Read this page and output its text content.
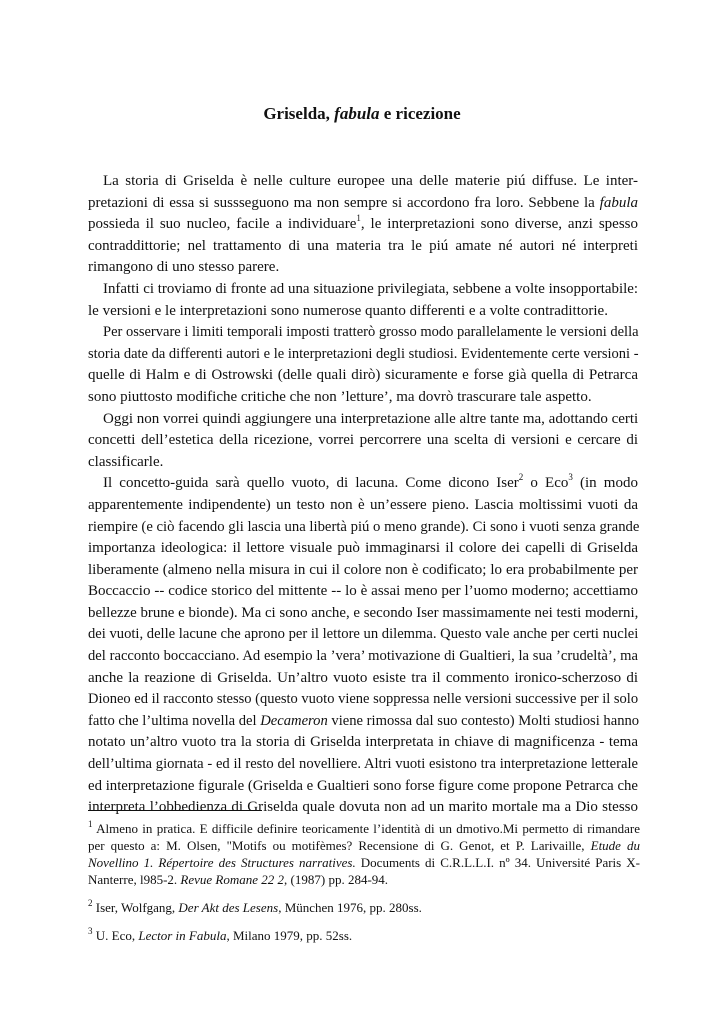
Griselda, fabula e ricezione
La storia di Griselda è nelle culture europee una delle materie piú diffuse. Le inter-
pretazioni di essa si sussseguono ma non sempre si accordono fra loro. Sebbene la fabula
possieda il suo nucleo, facile a individuare$^1$, le interpretazioni sono diverse, anzi spesso
contraddittorie; nel trattamento di una materia tra le piú amate né autori né interpreti
rimangono di uno stesso parere.
Infatti ci troviamo di fronte ad una situazione privilegiata, sebbene a volte insopportabile:
le versioni e le interpretazioni sono numerose quanto differenti e a volte contradittorie.
Per osservare i limiti temporali imposti tratterò grosso modo parallelamente le versioni della
storia date da differenti autori e le interpretazioni degli studiosi. Evidentemente certe versioni -
quelle di Halm e di Ostrowski (delle quali dirò) sicuramente e forse già quella di Petrarca
sono piuttosto modifiche critiche che non ’letture’, ma dovrò trascurare tale aspetto.
Oggi non vorrei quindi aggiungere una interpretazione alle altre tante ma, adottando certi
concetti dell’estetica della ricezione, vorrei percorrere una scelta di versioni e cercare di
classificarle.
Il concetto-guida sarà quello vuoto, di lacuna. Come dicono Iser$^2$ o Eco$^3$ (in modo
apparentemente indipendente) un testo non è un’essere pieno. Lascia moltissimi vuoti da
riempire (e ciò facendo gli lascia una libertà piú o meno grande). Ci sono i vuoti senza grande
importanza ideologica: il lettore visuale può immaginarsi il colore dei capelli di Griselda
liberamente (almeno nella misura in cui il colore non è codificato; lo era probabilmente per
Boccaccio -- codice storico del mittente -- lo è assai meno per l’uomo moderno; accettiamo
bellezze brune e bionde). Ma ci sono anche, e secondo Iser massimamente nei testi moderni,
dei vuoti, delle lacune che aprono per il lettore un dilemma. Questo vale anche per certi nuclei
del racconto boccacciano. Ad esempio la ’vera’ motivazione di Gualtieri, la sua ’crudeltà’, ma
anche la reazione di Griselda. Un’altro vuoto esiste tra il commento ironico-scherzoso di
Dioneo ed il racconto stesso (questo vuoto viene soppressa nelle versioni successive per il solo
fatto che l’ultima novella del Decameron viene rimossa dal suo contesto) Molti studiosi hanno
notato un’altro vuoto tra la storia di Griselda interpretata in chiave di magnificenza - tema
dell’ultima giornata - ed il resto del novelliere. Altri vuoti esistono tra interpretazione letterale
ed interpretazione figurale (Griselda e Gualtieri sono forse figure come propone Petrarca che
interpreta l’obbedienza di Griselda quale dovuta non ad un marito mortale ma a Dio stesso
$^1$ Almeno in pratica. E difficile definire teoricamente l’identità di un dmotivo.Mi permetto di rimandare
per questo a: M. Olsen, "Motifs ou motifèmes? Recensione di G. Genot, et P. Larivaille, Etude du
Novellino 1. Répertoire des Structures narratives. Documents di C.R.L.L.I. nº 34. Université Paris X-
Nanterre, l985-2. Revue Romane 22 2, (1987) pp. 284-94.
$^2$ Iser, Wolfgang, Der Akt des Lesens, München 1976, pp. 280ss.
$^3$ U. Eco, Lector in Fabula, Milano 1979, pp. 52ss.
